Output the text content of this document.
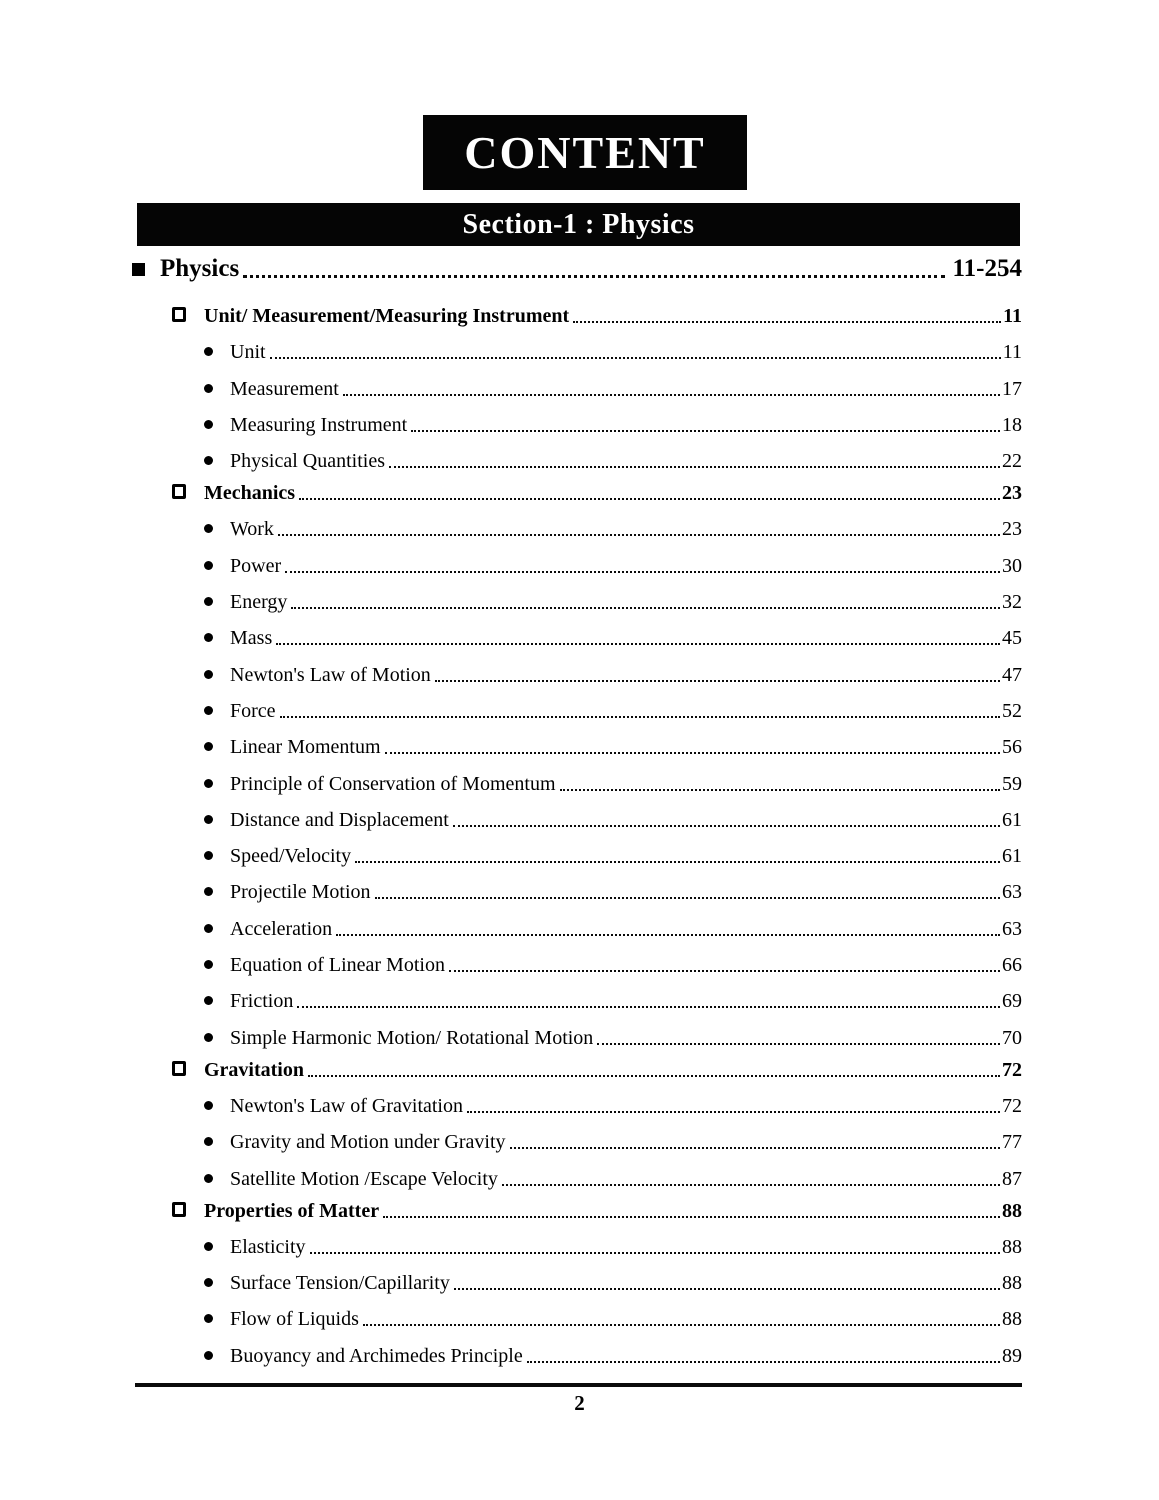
CONTENT
Section-1 : Physics
Physics	11-254
Unit/ Measurement/Measuring Instrument	11
Unit	11
Measurement	17
Measuring Instrument	18
Physical Quantities	22
Mechanics	23
Work	23
Power	30
Energy	32
Mass	45
Newton's Law of Motion	47
Force	52
Linear Momentum	56
Principle of Conservation of Momentum	59
Distance and Displacement	61
Speed/Velocity	61
Projectile Motion	63
Acceleration	63
Equation of Linear Motion	66
Friction	69
Simple Harmonic Motion/ Rotational Motion	70
Gravitation	72
Newton's Law of Gravitation	72
Gravity and Motion under Gravity	77
Satellite Motion /Escape Velocity	87
Properties of Matter	88
Elasticity	88
Surface Tension/Capillarity	88
Flow of Liquids	88
Buoyancy and Archimedes Principle	89
2
